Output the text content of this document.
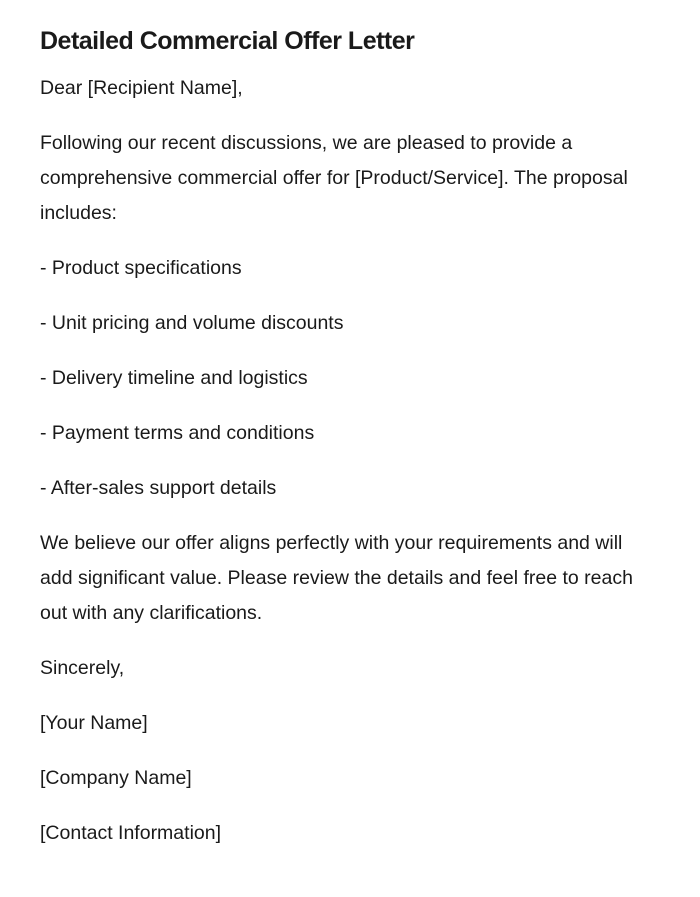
Detailed Commercial Offer Letter

Dear [Recipient Name],

Following our recent discussions, we are pleased to provide a comprehensive commercial offer for [Product/Service]. The proposal includes:

- Product specifications

- Unit pricing and volume discounts

- Delivery timeline and logistics

- Payment terms and conditions

- After-sales support details

We believe our offer aligns perfectly with your requirements and will add significant value. Please review the details and feel free to reach out with any clarifications.

Sincerely,

[Your Name]

[Company Name]

[Contact Information]
